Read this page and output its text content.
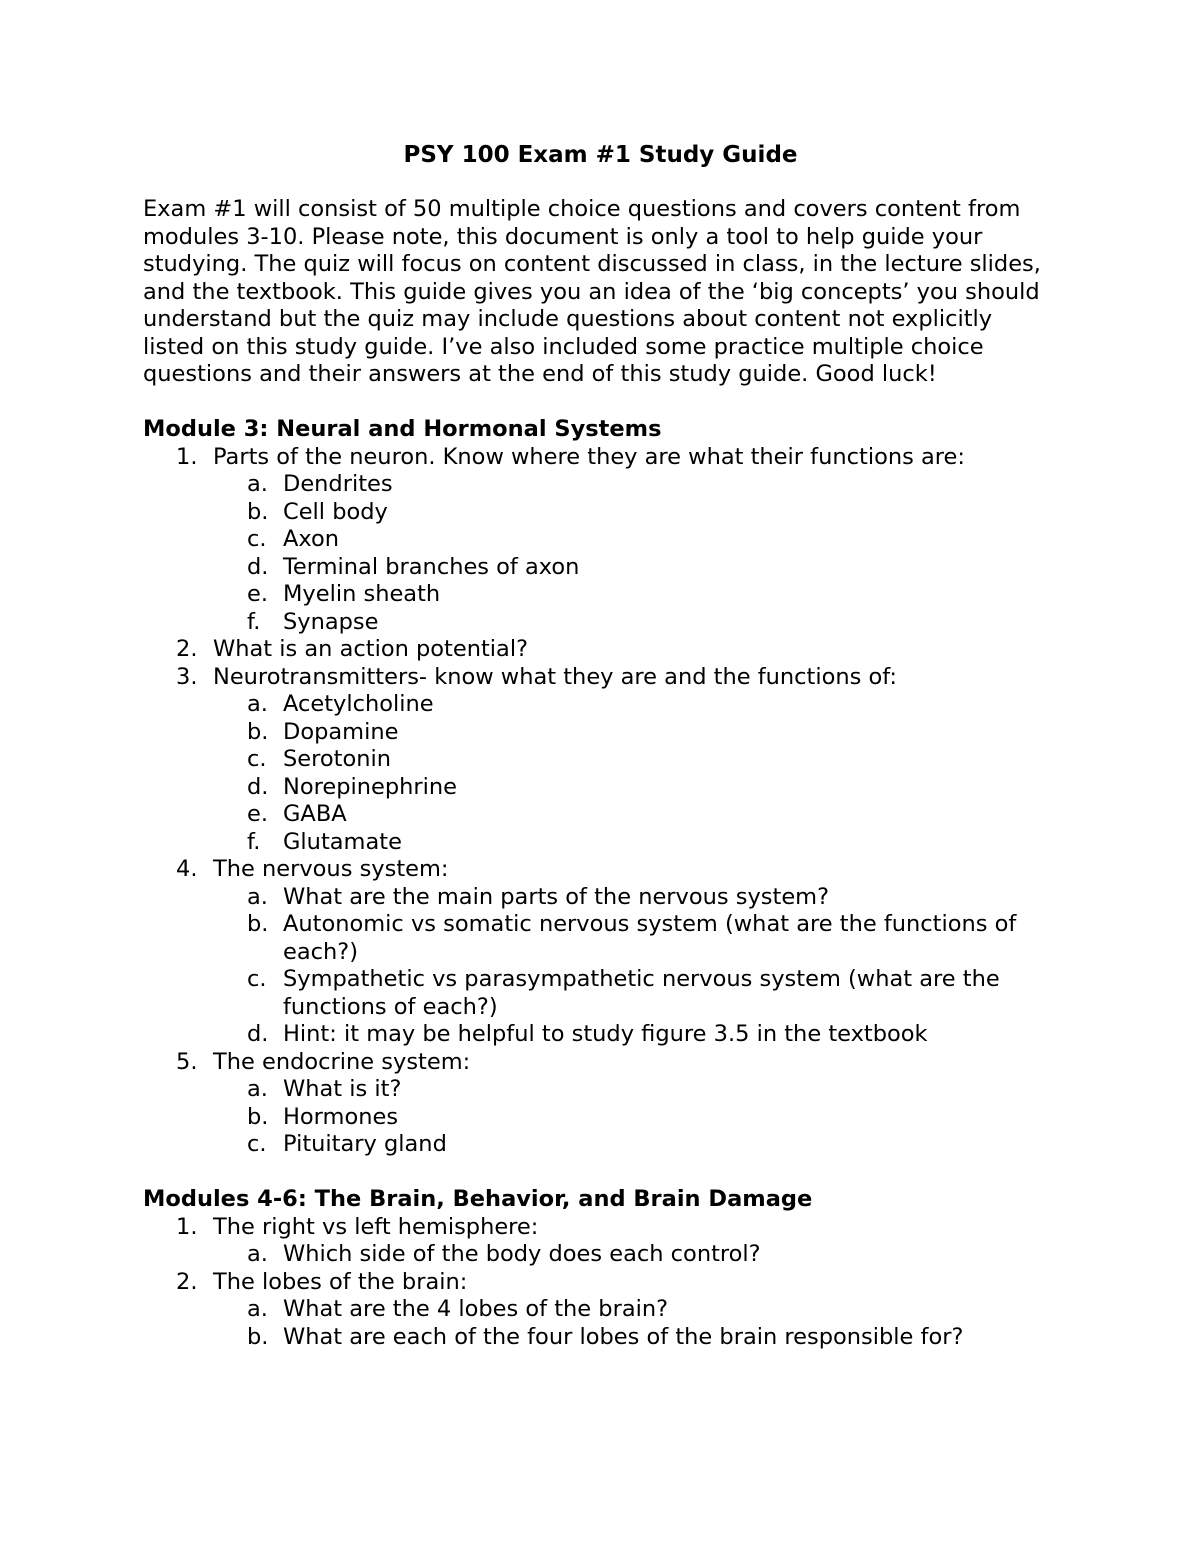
PSY 100 Exam #1 Study Guide

Exam #1 will consist of 50 multiple choice questions and covers content from modules 3-10. Please note, this document is only a tool to help guide your studying. The quiz will focus on content discussed in class, in the lecture slides, and the textbook. This guide gives you an idea of the ‘big concepts’ you should understand but the quiz may include questions about content not explicitly listed on this study guide. I’ve also included some practice multiple choice questions and their answers at the end of this study guide. Good luck!

Module 3: Neural and Hormonal Systems
1. Parts of the neuron. Know where they are what their functions are:
a. Dendrites
b. Cell body
c. Axon
d. Terminal branches of axon
e. Myelin sheath
f. Synapse
2. What is an action potential?
3. Neurotransmitters- know what they are and the functions of:
a. Acetylcholine
b. Dopamine
c. Serotonin
d. Norepinephrine
e. GABA
f. Glutamate
4. The nervous system:
a. What are the main parts of the nervous system?
b. Autonomic vs somatic nervous system (what are the functions of each?)
c. Sympathetic vs parasympathetic nervous system (what are the functions of each?)
d. Hint: it may be helpful to study figure 3.5 in the textbook
5. The endocrine system:
a. What is it?
b. Hormones
c. Pituitary gland
Modules 4-6: The Brain, Behavior, and Brain Damage
1. The right vs left hemisphere:
a. Which side of the body does each control?
2. The lobes of the brain:
a. What are the 4 lobes of the brain?
b. What are each of the four lobes of the brain responsible for?
